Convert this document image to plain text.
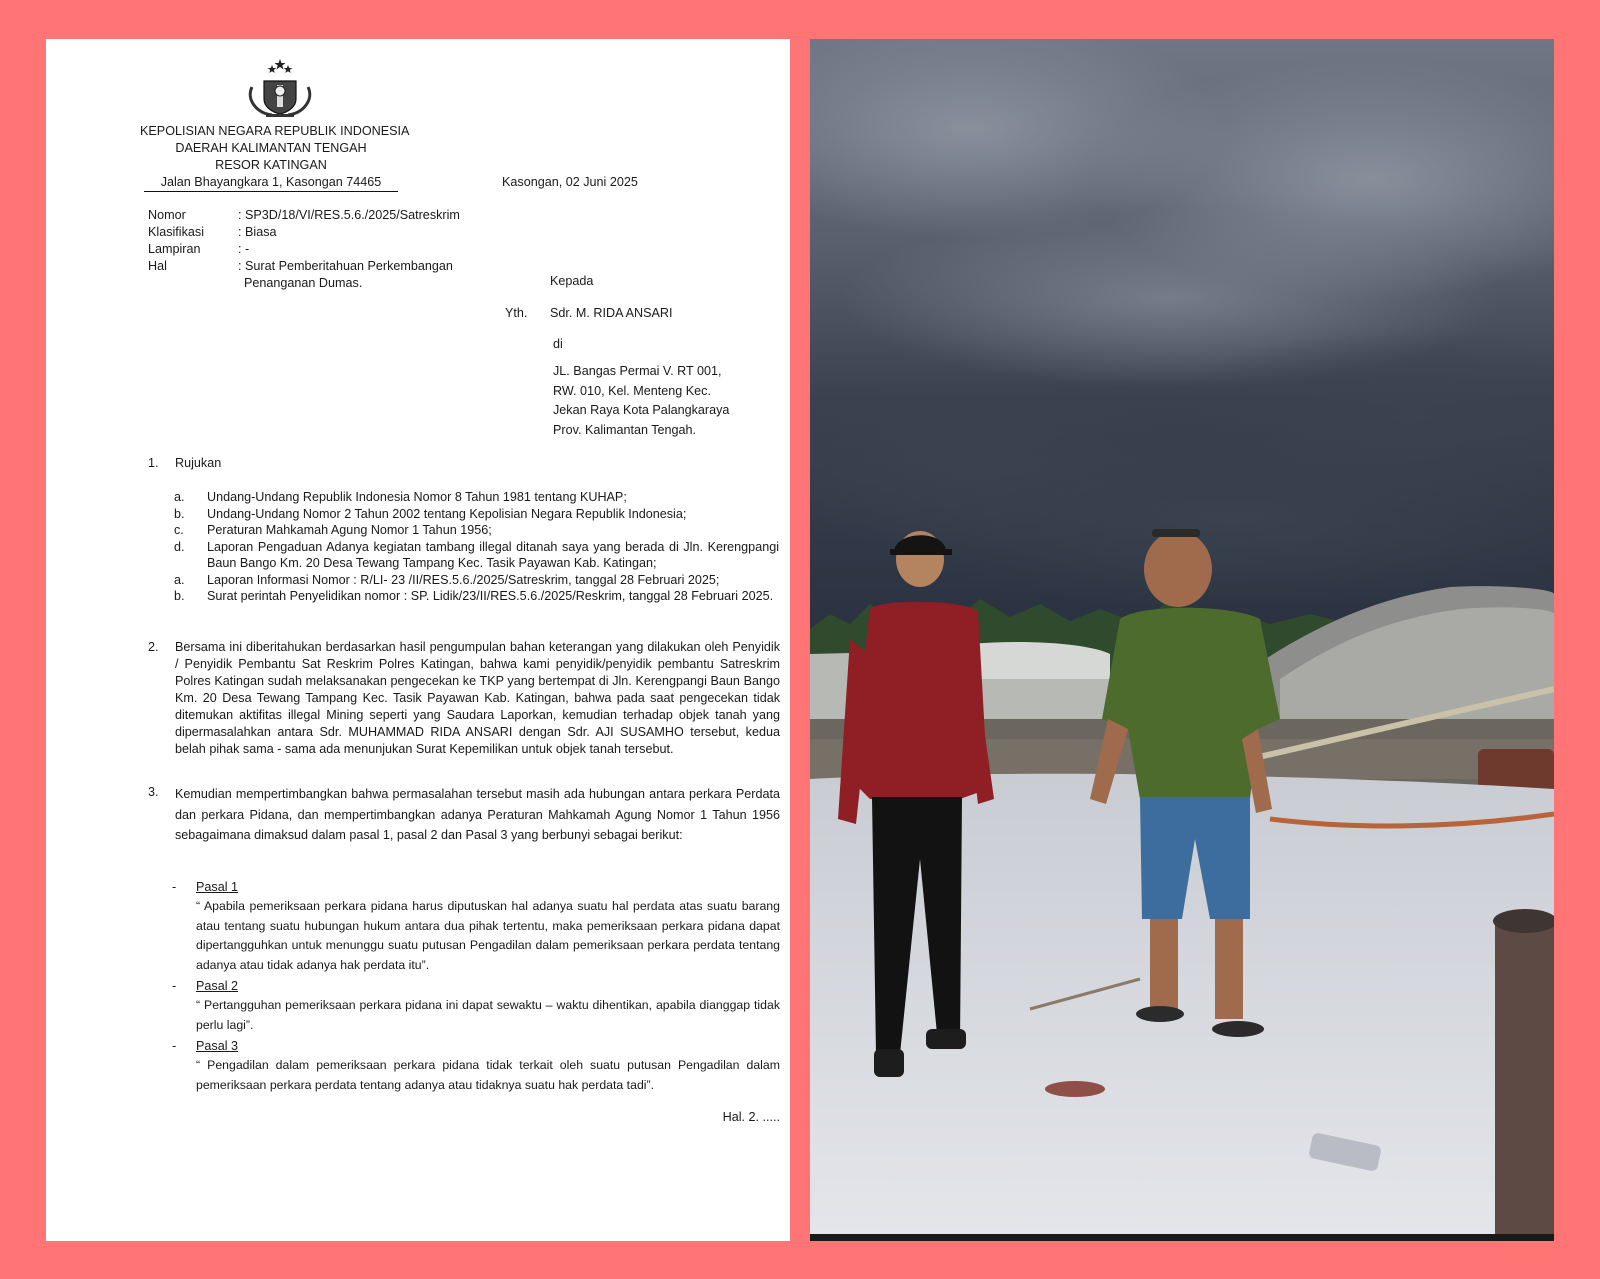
KEPOLISIAN NEGARA REPUBLIK INDONESIA
DAERAH KALIMANTAN TENGAH
RESOR KATINGAN
Jalan Bhayangkara 1, Kasongan 74465	Kasongan, 02 Juni 2025
Nomor	: SP3D/18/VI/RES.5.6./2025/Satreskrim
Klasifikasi	: Biasa
Lampiran	: -
Hal	: Surat Pemberitahuan Perkembangan
Penanganan Dumas.	Kepada
Yth. Sdr. M. RIDA ANSARI
di
JL. Bangas Permai V. RT 001,
RW. 010, Kel. Menteng Kec.
Jekan Raya Kota Palangkaraya
Prov. Kalimantan Tengah.
1. Rujukan
a.	Undang-Undang Republik Indonesia Nomor 8 Tahun 1981 tentang KUHAP;
b.	Undang-Undang Nomor 2 Tahun 2002 tentang Kepolisian Negara Republik Indonesia;
c.	Peraturan Mahkamah Agung Nomor 1 Tahun 1956;
d.	Laporan Pengaduan Adanya kegiatan tambang illegal ditanah saya yang berada di Jln. Kerengpangi Baun Bango Km. 20 Desa Tewang Tampang Kec. Tasik Payawan Kab. Katingan;
a.	Laporan Informasi Nomor : R/LI- 23 /II/RES.5.6./2025/Satreskrim, tanggal 28 Februari 2025;
b.	Surat perintah Penyelidikan nomor : SP. Lidik/23/II/RES.5.6./2025/Reskrim, tanggal 28 Februari 2025.
2. Bersama ini diberitahukan berdasarkan hasil pengumpulan bahan keterangan yang dilakukan oleh Penyidik / Penyidik Pembantu Sat Reskrim Polres Katingan, bahwa kami penyidik/penyidik pembantu Satreskrim Polres Katingan sudah melaksanakan pengecekan ke TKP yang bertempat di Jln. Kerengpangi Baun Bango Km. 20 Desa Tewang Tampang Kec. Tasik Payawan Kab. Katingan, bahwa pada saat pengecekan tidak ditemukan aktifitas illegal Mining seperti yang Saudara Laporkan, kemudian terhadap objek tanah yang dipermasalahkan antara Sdr. MUHAMMAD RIDA ANSARI dengan Sdr. AJI SUSAMHO tersebut, kedua belah pihak sama - sama ada menunjukan Surat Kepemilikan untuk objek tanah tersebut.
3. Kemudian mempertimbangkan bahwa permasalahan tersebut masih ada hubungan antara perkara Perdata dan perkara Pidana, dan mempertimbangkan adanya Peraturan Mahkamah Agung Nomor 1 Tahun 1956 sebagaimana dimaksud dalam pasal 1, pasal 2 dan Pasal 3 yang berbunyi sebagai berikut:
- Pasal 1
“ Apabila pemeriksaan perkara pidana harus diputuskan hal adanya suatu hal perdata atas suatu barang atau tentang suatu hubungan hukum antara dua pihak tertentu, maka pemeriksaan perkara pidana dapat dipertangguhkan untuk menunggu suatu putusan Pengadilan dalam pemeriksaan perkara perdata tentang adanya atau tidak adanya hak perdata itu”.
- Pasal 2
“ Pertangguhan pemeriksaan perkara pidana ini dapat sewaktu – waktu dihentikan, apabila dianggap tidak perlu lagi”.
- Pasal 3
“ Pengadilan dalam pemeriksaan perkara pidana tidak terkait oleh suatu putusan Pengadilan dalam pemeriksaan perkara perdata tentang adanya atau tidaknya suatu hak perdata tadi”.
Hal. 2. .....
